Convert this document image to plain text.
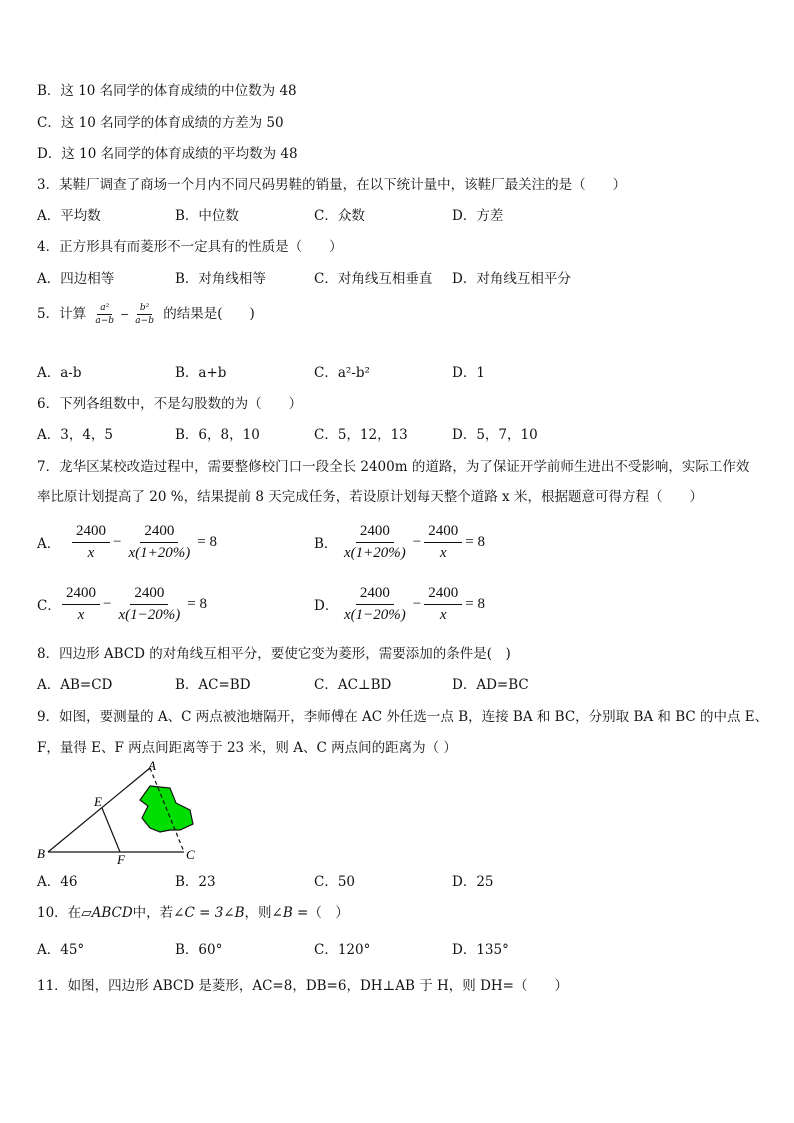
B．这 10 名同学的体育成绩的中位数为 48
C．这 10 名同学的体育成绩的方差为 50
D．这 10 名同学的体育成绩的平均数为 48
3．某鞋厂调查了商场一个月内不同尺码男鞋的销量，在以下统计量中，该鞋厂最关注的是（　　）
A．平均数	B．中位数	C．众数	D．方差
4．正方形具有而菱形不一定具有的性质是（　　）
A．四边相等	B．对角线相等	C．对角线互相垂直 D．对角线互相平分
5．计算 $\frac{\text{a²}}{a-b} - \frac{\text{b²}}{a-b}$ 的结果是(　　)
A．a-b	B．a+b	C．a²-b²	D．1
6．下列各组数中，不是勾股数的为（　　）
A．3，4，5	B．6，8，10	C．5，12，13	D．5，7，10
7．龙华区某校改造过程中，需要整修校门口一段全长 2400m 的道路，为了保证开学前师生进出不受影响，实际工作效
率比原计划提高了 20 %，结果提前 8 天完成任务，若设原计划每天整个道路 x 米，根据题意可得方程（　　）
A． $\frac{2400}{x} - \frac{2400}{x(1+20\%)} = 8$	B． $\frac{2400}{x(1+20\%)} - \frac{2400}{x} = 8$
C． $\frac{2400}{x} - \frac{2400}{x(1-20\%)} = 8$	D． $\frac{2400}{x(1-20\%)} - \frac{2400}{x} = 8$
8．四边形 ABCD 的对角线互相平分，要使它变为菱形，需要添加的条件是(　)
A．AB=CD	B．AC=BD	C．AC⊥BD	D．AD=BC
9．如图，要测量的 A、C 两点被池塘隔开，李师傅在 AC 外任选一点 B，连接 BA 和 BC，分别取 BA 和 BC 的中点 E、
F，量得 E、F 两点间距离等于 23 米，则 A、C 两点间的距离为（ ）
A
E
B	F	C
A．46	B．23	C．50	D．25
10．在▱ABCD中，若∠C = 3∠B，则∠B =（　）
A．45°	B．60°	C．120°	D．135°
11．如图，四边形 ABCD 是菱形，AC=8，DB=6，DH⊥AB 于 H，则 DH=（　　）
